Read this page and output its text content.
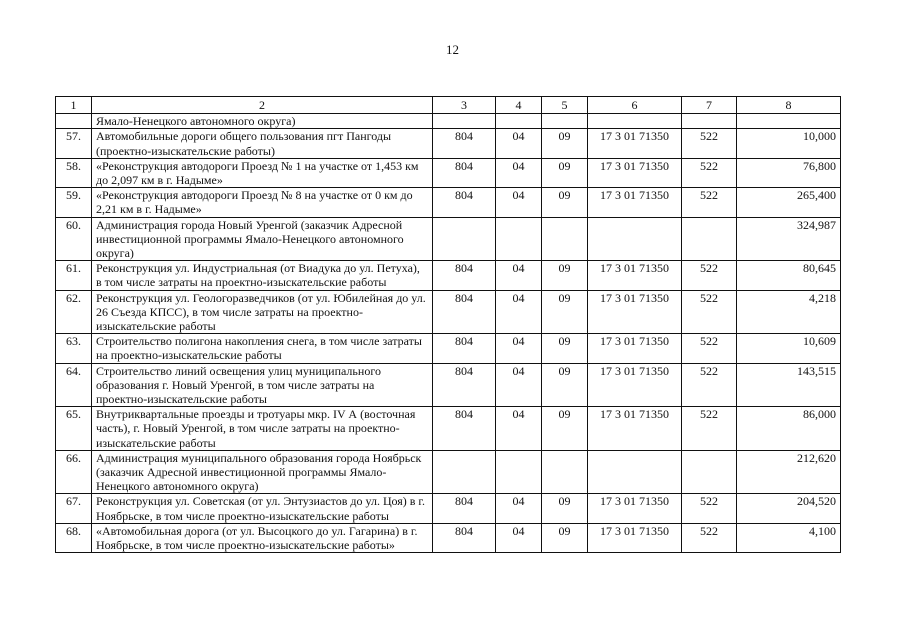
12
1	2	3	4	5	6	7	8
	Ямало-Ненецкого автономного округа)						
57.	Автомобильные дороги общего пользования пгт Пангоды (проектно-изыскательские работы)	804	04	09	17 3 01 71350	522	10,000
58.	«Реконструкция автодороги Проезд № 1 на участке от 1,453 км до 2,097 км в г. Надыме»	804	04	09	17 3 01 71350	522	76,800
59.	«Реконструкция автодороги Проезд № 8 на участке от 0 км до 2,21 км в г. Надыме»	804	04	09	17 3 01 71350	522	265,400
60.	Администрация города Новый Уренгой (заказчик Адресной инвестиционной программы Ямало-Ненецкого автономного округа)						324,987
61.	Реконструкция ул. Индустриальная (от Виадука до ул. Петуха), в том числе затраты на проектно-изыскательские работы	804	04	09	17 3 01 71350	522	80,645
62.	Реконструкция ул. Геологоразведчиков (от ул. Юбилейная до ул. 26 Съезда КПСС), в том числе затраты на проектно-изыскательские работы	804	04	09	17 3 01 71350	522	4,218
63.	Строительство полигона накопления снега, в том числе затраты на проектно-изыскательские работы	804	04	09	17 3 01 71350	522	10,609
64.	Строительство линий освещения улиц муниципального образования г. Новый Уренгой, в том числе затраты на проектно-изыскательские работы	804	04	09	17 3 01 71350	522	143,515
65.	Внутриквартальные проезды и тротуары мкр. IV А (восточная часть), г. Новый Уренгой, в том числе затраты на проектно-изыскательские работы	804	04	09	17 3 01 71350	522	86,000
66.	Администрация муниципального образования города Ноябрьск (заказчик Адресной инвестиционной программы Ямало-Ненецкого автономного округа)						212,620
67.	Реконструкция ул. Советская (от ул. Энтузиастов до ул. Цоя) в г. Ноябрьске, в том числе проектно-изыскательские работы	804	04	09	17 3 01 71350	522	204,520
68.	«Автомобильная дорога (от ул. Высоцкого до ул. Гагарина) в г. Ноябрьске, в том числе проектно-изыскательские работы»	804	04	09	17 3 01 71350	522	4,100
